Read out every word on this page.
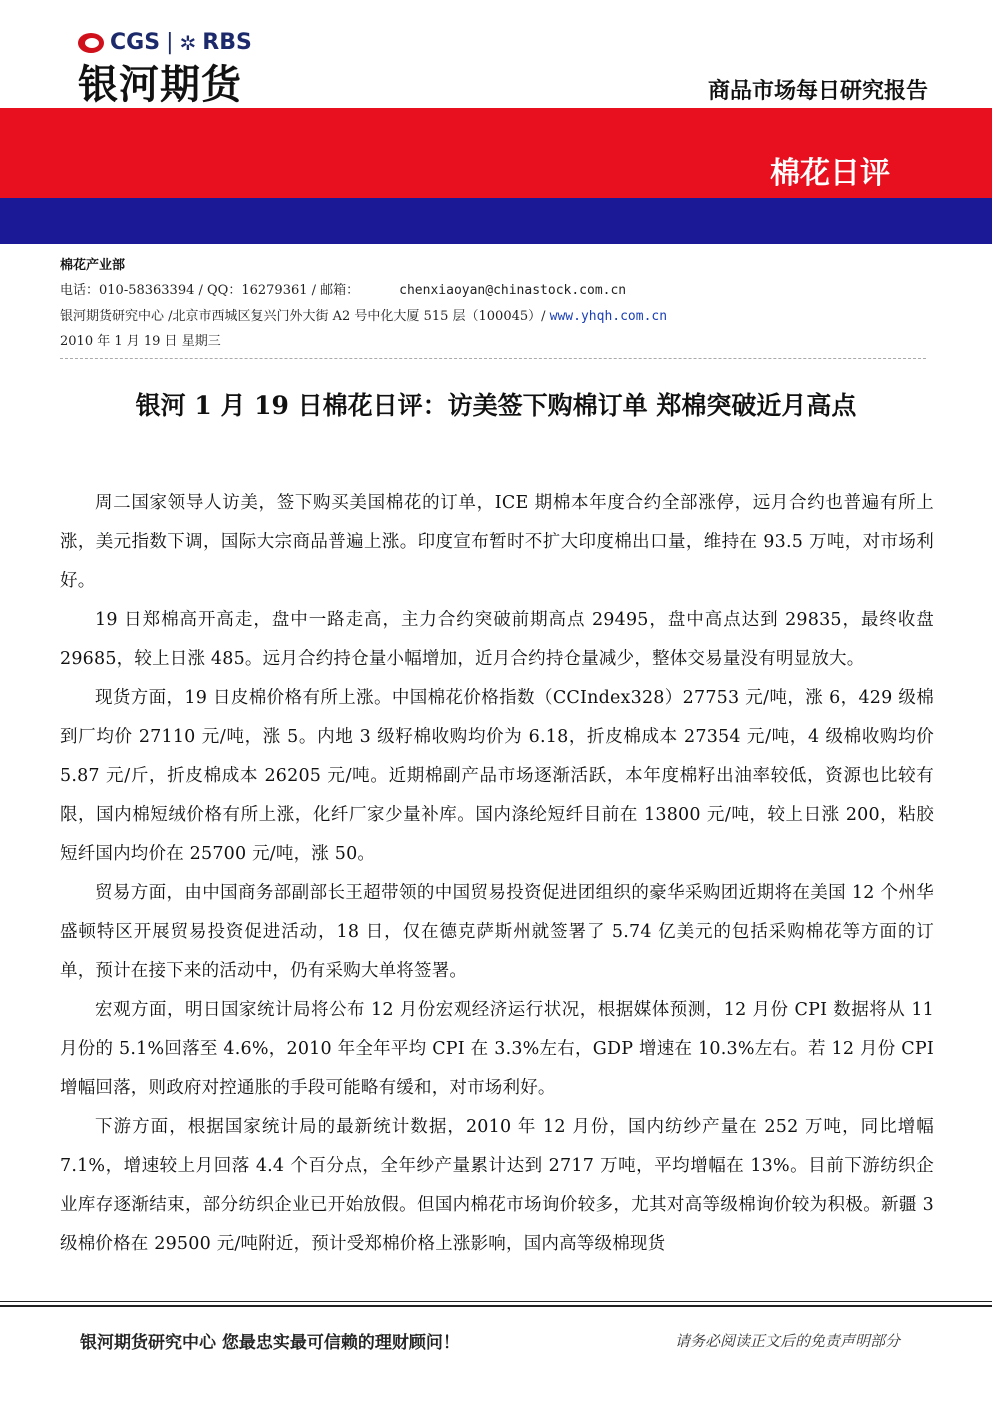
CGS | ✲ RBS
银河期货	商品市场每日研究报告
棉花日评
棉花产业部
电话：010-58363394 / QQ：16279361 / 邮箱：	chenxiaoyan@chinastock.com.cn
银河期货研究中心 /北京市西城区复兴门外大街 A2 号中化大厦 515 层（100045）/ www.yhqh.com.cn
2010 年 1 月 19 日 星期三
银河 1 月 19 日棉花日评：访美签下购棉订单 郑棉突破近月高点

周二国家领导人访美，签下购买美国棉花的订单，ICE 期棉本年度合约全部涨停，远月合约也普遍有所上涨，美元指数下调，国际大宗商品普遍上涨。印度宣布暂时不扩大印度棉出口量，维持在 93.5 万吨，对市场利好。

19 日郑棉高开高走，盘中一路走高，主力合约突破前期高点 29495，盘中高点达到 29835，最终收盘 29685，较上日涨 485。远月合约持仓量小幅增加，近月合约持仓量减少，整体交易量没有明显放大。

现货方面，19 日皮棉价格有所上涨。中国棉花价格指数（CCIndex328）27753 元/吨，涨 6，429 级棉到厂均价 27110 元/吨，涨 5。内地 3 级籽棉收购均价为 6.18，折皮棉成本 27354 元/吨，4 级棉收购均价 5.87 元/斤，折皮棉成本 26205 元/吨。近期棉副产品市场逐渐活跃，本年度棉籽出油率较低，资源也比较有限，国内棉短绒价格有所上涨，化纤厂家少量补库。国内涤纶短纤目前在 13800 元/吨，较上日涨 200，粘胶短纤国内均价在 25700 元/吨，涨 50。

贸易方面，由中国商务部副部长王超带领的中国贸易投资促进团组织的豪华采购团近期将在美国 12 个州华盛顿特区开展贸易投资促进活动，18 日，仅在德克萨斯州就签署了 5.74 亿美元的包括采购棉花等方面的订单，预计在接下来的活动中，仍有采购大单将签署。

宏观方面，明日国家统计局将公布 12 月份宏观经济运行状况，根据媒体预测，12 月份 CPI 数据将从 11 月份的 5.1%回落至 4.6%，2010 年全年平均 CPI 在 3.3%左右，GDP 增速在 10.3%左右。若 12 月份 CPI 增幅回落，则政府对控通胀的手段可能略有缓和，对市场利好。

下游方面，根据国家统计局的最新统计数据，2010 年 12 月份，国内纺纱产量在 252 万吨，同比增幅 7.1%，增速较上月回落 4.4 个百分点，全年纱产量累计达到 2717 万吨，平均增幅在 13%。目前下游纺织企业库存逐渐结束，部分纺织企业已开始放假。但国内棉花市场询价较多，尤其对高等级棉询价较为积极。新疆 3 级棉价格在 29500 元/吨附近，预计受郑棉价格上涨影响，国内高等级棉现货

银河期货研究中心 您最忠实最可信赖的理财顾问！	请务必阅读正文后的免责声明部分
